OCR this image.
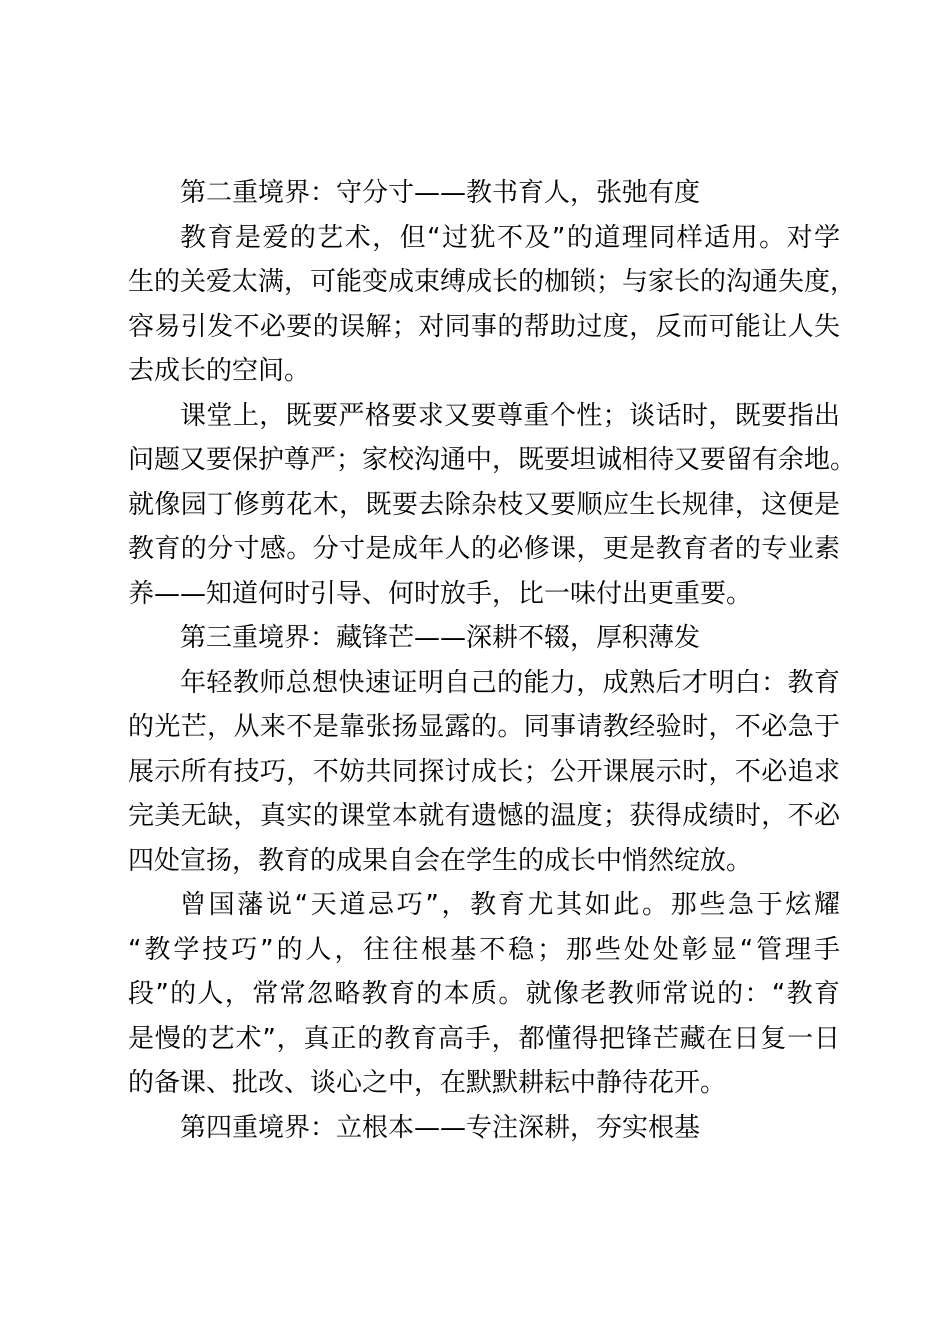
第二重境界：守分寸——教书育人，张弛有度
教育是爱的艺术，但“过犹不及”的道理同样适用。对学
生的关爱太满，可能变成束缚成长的枷锁；与家长的沟通失度，
容易引发不必要的误解；对同事的帮助过度，反而可能让人失
去成长的空间。
课堂上，既要严格要求又要尊重个性；谈话时，既要指出
问题又要保护尊严；家校沟通中，既要坦诚相待又要留有余地。
就像园丁修剪花木，既要去除杂枝又要顺应生长规律，这便是
教育的分寸感。分寸是成年人的必修课，更是教育者的专业素
养——知道何时引导、何时放手，比一味付出更重要。
第三重境界：藏锋芒——深耕不辍，厚积薄发
年轻教师总想快速证明自己的能力，成熟后才明白：教育
的光芒，从来不是靠张扬显露的。同事请教经验时，不必急于
展示所有技巧，不妨共同探讨成长；公开课展示时，不必追求
完美无缺，真实的课堂本就有遗憾的温度；获得成绩时，不必
四处宣扬，教育的成果自会在学生的成长中悄然绽放。
曾国藩说“天道忌巧”，教育尤其如此。那些急于炫耀
“教学技巧”的人，往往根基不稳；那些处处彰显“管理手
段”的人，常常忽略教育的本质。就像老教师常说的：“教育
是慢的艺术”，真正的教育高手，都懂得把锋芒藏在日复一日
的备课、批改、谈心之中，在默默耕耘中静待花开。
第四重境界：立根本——专注深耕，夯实根基
